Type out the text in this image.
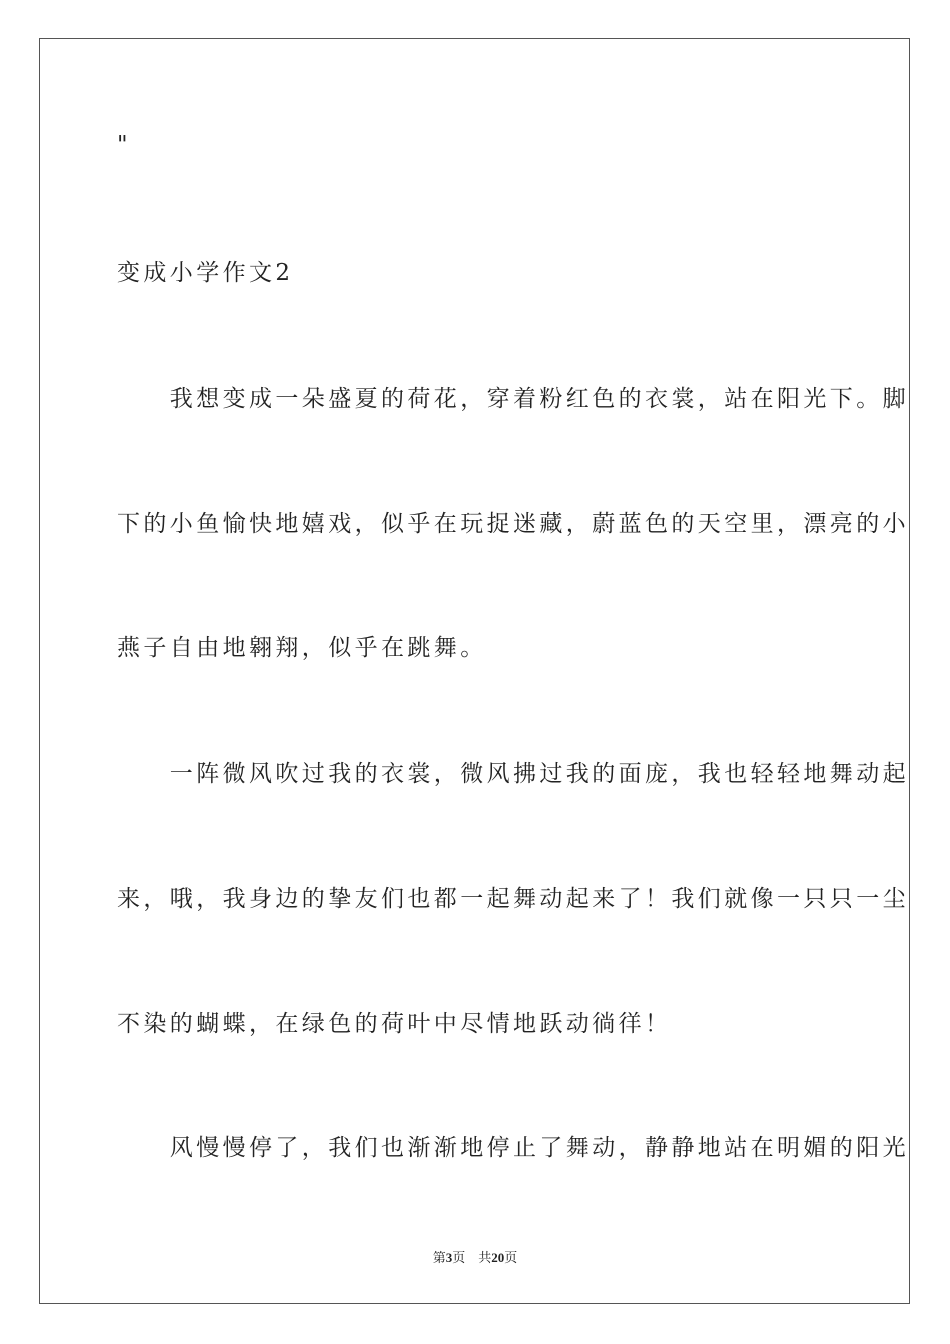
"
变成小学作文2
　　我想变成一朵盛夏的荷花，穿着粉红色的衣裳，站在阳光下。脚
下的小鱼愉快地嬉戏，似乎在玩捉迷藏，蔚蓝色的天空里，漂亮的小
燕子自由地翱翔，似乎在跳舞。
　　一阵微风吹过我的衣裳，微风拂过我的面庞，我也轻轻地舞动起
来，哦，我身边的挚友们也都一起舞动起来了！我们就像一只只一尘
不染的蝴蝶，在绿色的荷叶中尽情地跃动徜徉！
　　风慢慢停了，我们也渐渐地停止了舞动，静静地站在明媚的阳光
第3页　共20页
